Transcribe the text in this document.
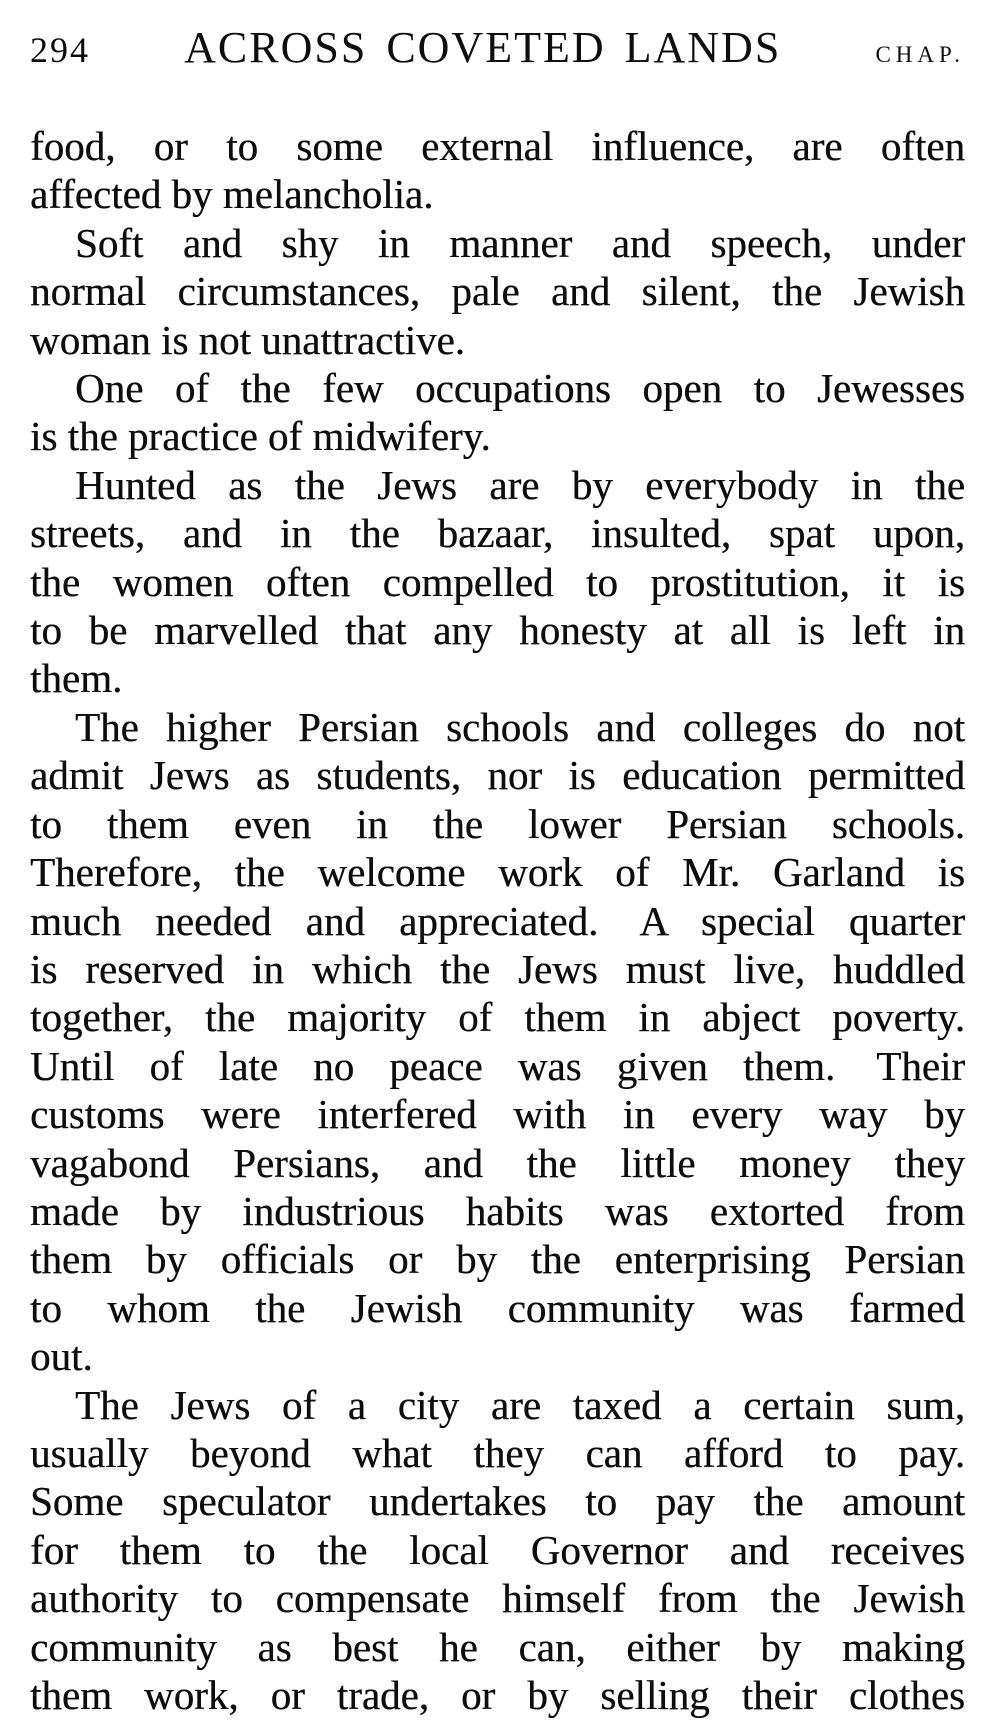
294	ACROSS COVETED LANDS	CHAP.
food, or to some external influence, are often
affected by melancholia.
Soft and shy in manner and speech, under
normal circumstances, pale and silent, the Jewish
woman is not unattractive.
One of the few occupations open to Jewesses
is the practice of midwifery.
Hunted as the Jews are by everybody in the
streets, and in the bazaar, insulted, spat upon,
the women often compelled to prostitution, it is
to be marvelled that any honesty at all is left in
them.
The higher Persian schools and colleges do not
admit Jews as students, nor is education permitted
to them even in the lower Persian schools.
Therefore, the welcome work of Mr. Garland is
much needed and appreciated. A special quarter
is reserved in which the Jews must live, huddled
together, the majority of them in abject poverty.
Until of late no peace was given them. Their
customs were interfered with in every way by
vagabond Persians, and the little money they
made by industrious habits was extorted from
them by officials or by the enterprising Persian
to whom the Jewish community was farmed
out.
The Jews of a city are taxed a certain sum,
usually beyond what they can afford to pay.
Some speculator undertakes to pay the amount
for them to the local Governor and receives
authority to compensate himself from the Jewish
community as best he can, either by making
them work, or trade, or by selling their clothes
